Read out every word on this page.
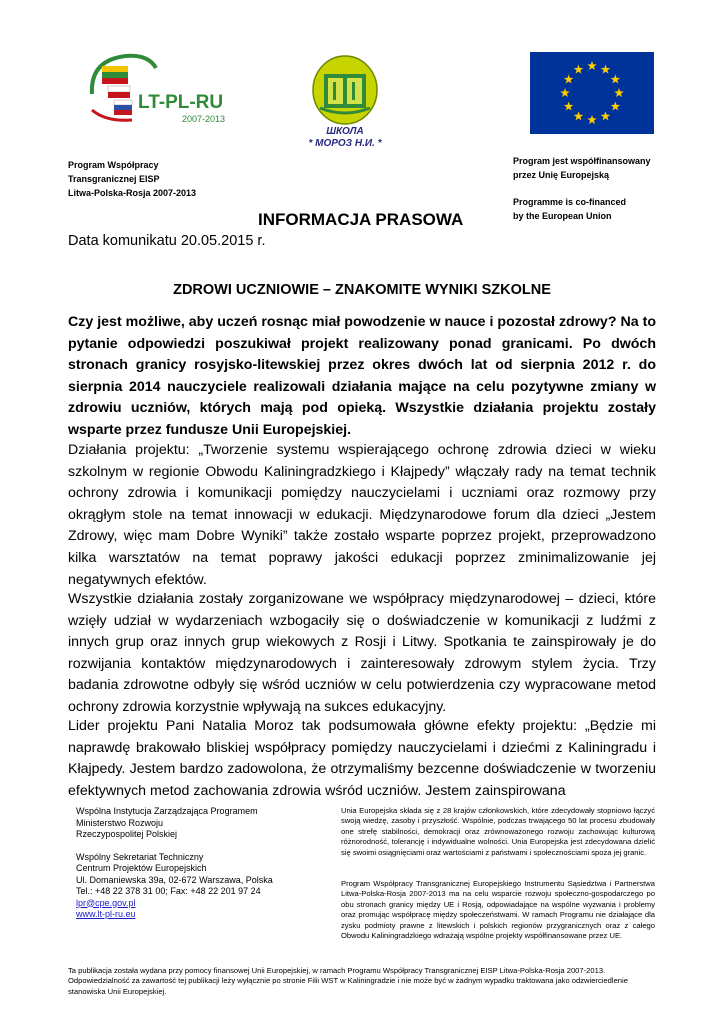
LT-PL-RU
2007-2013
ШКОЛА
* МОРОЗ Н.И. *
Program Współpracy
Transgranicznej EISP
Litwa-Polska-Rosja 2007-2013
Program jest współfinansowany
przez Unię Europejską
Programme is co-financed
by the European Union
INFORMACJA PRASOWA
Data komunikatu 20.05.2015 r.
ZDROWI UCZNIOWIE – ZNAKOMITE WYNIKI SZKOLNE
Czy jest możliwe, aby uczeń rosnąc miał powodzenie w nauce i pozostał zdrowy? Na to pytanie odpowiedzi poszukiwał projekt realizowany ponad granicami. Po dwóch stronach granicy rosyjsko-litewskiej przez okres dwóch lat od sierpnia 2012 r. do sierpnia 2014 nauczyciele realizowali działania mające na celu pozytywne zmiany w zdrowiu uczniów, których mają pod opieką. Wszystkie działania projektu zostały wsparte przez fundusze Unii Europejskiej.
Działania projektu: „Tworzenie systemu wspierającego ochronę zdrowia dzieci w wieku szkolnym w regionie Obwodu Kaliningradzkiego i Kłajpedy” włączały rady na temat technik ochrony zdrowia i komunikacji pomiędzy nauczycielami i uczniami oraz rozmowy przy okrągłym stole na temat innowacji w edukacji. Międzynarodowe forum dla dzieci „Jestem Zdrowy, więc mam Dobre Wyniki” także zostało wsparte poprzez projekt, przeprowadzono kilka warsztatów na temat poprawy jakości edukacji poprzez zminimalizowanie jej negatywnych efektów.
Wszystkie działania zostały zorganizowane we współpracy międzynarodowej – dzieci, które wzięły udział w wydarzeniach wzbogaciły się o doświadczenie w komunikacji z ludźmi z innych grup oraz innych grup wiekowych z Rosji i Litwy. Spotkania te zainspirowały je do rozwijania kontaktów międzynarodowych i zainteresowały zdrowym stylem życia. Trzy badania zdrowotne odbyły się wśród uczniów w celu potwierdzenia czy wypracowane metod ochrony zdrowia korzystnie wpływają na sukces edukacyjny.
Lider projektu Pani Natalia Moroz tak podsumowała główne efekty projektu: „Będzie mi naprawdę brakowało bliskiej współpracy pomiędzy nauczycielami i dziećmi z Kaliningradu i Kłajpedy. Jestem bardzo zadowolona, że otrzymaliśmy bezcenne doświadczenie w tworzeniu efektywnych metod zachowania zdrowia wśród uczniów. Jestem zainspirowana
Wspólna Instytucja Zarządzająca Programem
Ministerstwo Rozwoju
Rzeczypospolitej Polskiej
Wspólny Sekretariat Techniczny
Centrum Projektów Europejskich
Ul. Domaniewska 39a, 02-672 Warszawa, Polska
Tel.: +48 22 378 31 00; Fax: +48 22 201 97 24
lpr@cpe.gov.pl
www.lt-pl-ru.eu
Unia Europejska składa się z 28 krajów członkowskich, które zdecydowały stopniowo łączyć swoją wiedzę, zasoby i przyszłość. Wspólnie, podczas trwającego 50 lat procesu zbudowały one strefę stabilności, demokracji oraz zrównoważonego rozwoju zachowując kulturową różnorodność, tolerancję i indywidualne wolności. Unia Europejska jest zdecydowana dzielić się swoimi osiągnięciami oraz wartościami z państwami i społecznościami spoza jej granic.
Program Współpracy Transgranicznej Europejskiego Instrumentu Sąsiedztwa i Partnerstwa Litwa-Polska-Rosja 2007-2013 ma na celu wsparcie rozwoju społeczno-gospodarczego po obu stronach granicy między UE i Rosją, odpowiadające na wspólne wyzwania i problemy oraz promując współpracę między społeczeństwami. W ramach Programu nie działające dla zysku podmioty prawne z litewskich i polskich regionów przygranicznych oraz z całego Obwodu Kaliningradzkiego wdrażają wspólne projekty współfinansowane przez UE.
Ta publikacja została wydana przy pomocy finansowej Unii Europejskiej, w ramach Programu Współpracy Transgranicznej EISP Litwa-Polska-Rosja 2007-2013. Odpowiedzialność za zawartość tej publikacji leży wyłącznie po stronie Filii WST w Kaliningradzie i nie może być w żadnym wypadku traktowana jako odzwierciedlenie stanowiska Unii Europejskiej.
